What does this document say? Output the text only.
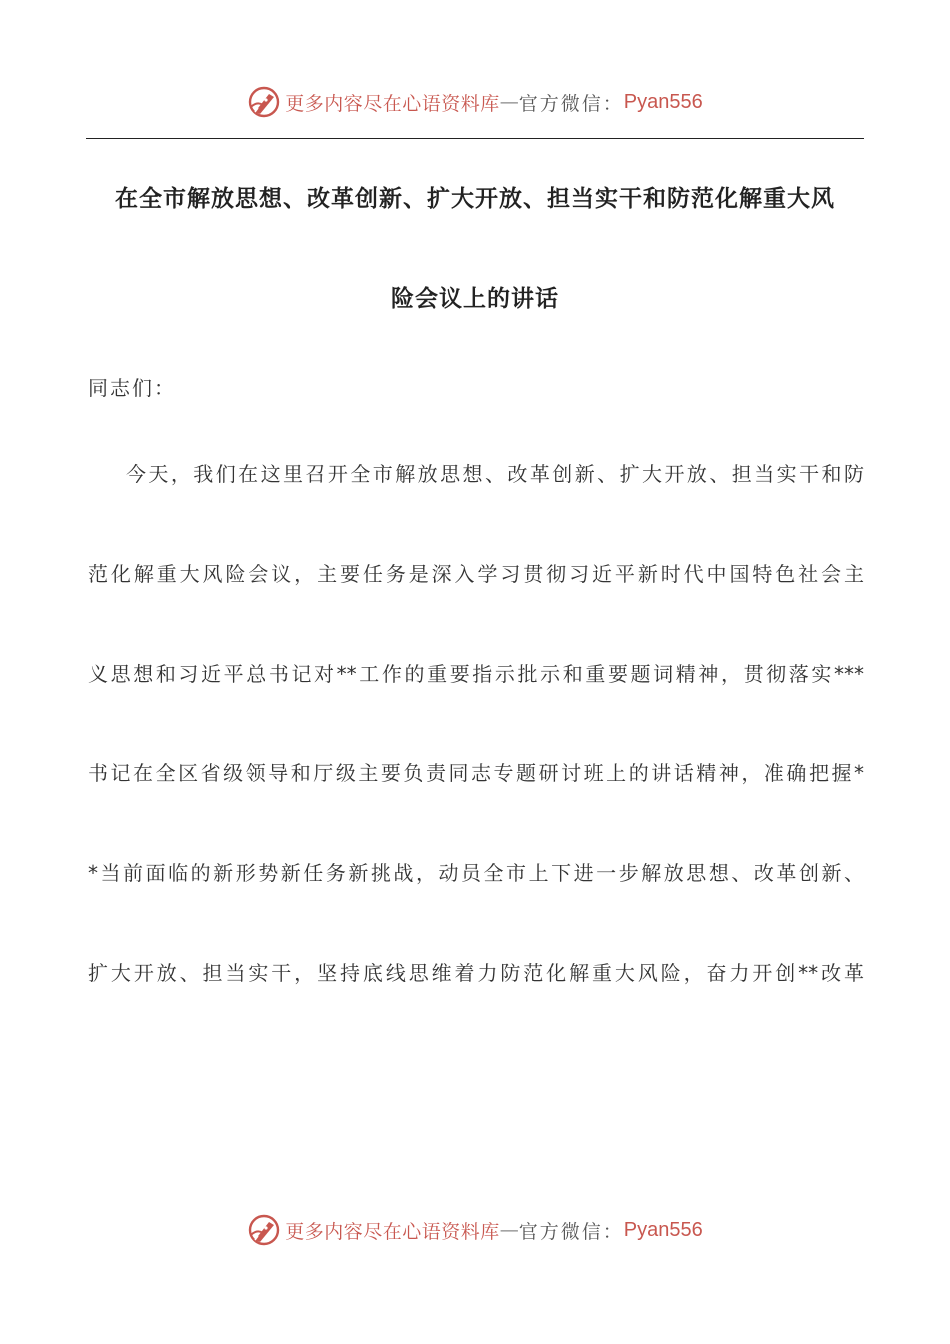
更多内容尽在心语资料库 — 官方微信： Pyan556
在全市解放思想、改革创新、扩大开放、担当实干和防范化解重大风
险会议上的讲话
同志们：
今天，我们在这里召开全市解放思想、改革创新、扩大开放、担当实干和防
范化解重大风险会议，主要任务是深入学习贯彻习近平新时代中国特色社会主
义思想和习近平总书记对**工作的重要指示批示和重要题词精神，贯彻落实***
书记在全区省级领导和厅级主要负责同志专题研讨班上的讲话精神，准确把握*
*当前面临的新形势新任务新挑战，动员全市上下进一步解放思想、改革创新、
扩大开放、担当实干，坚持底线思维着力防范化解重大风险，奋力开创**改革
更多内容尽在心语资料库 — 官方微信： Pyan556
